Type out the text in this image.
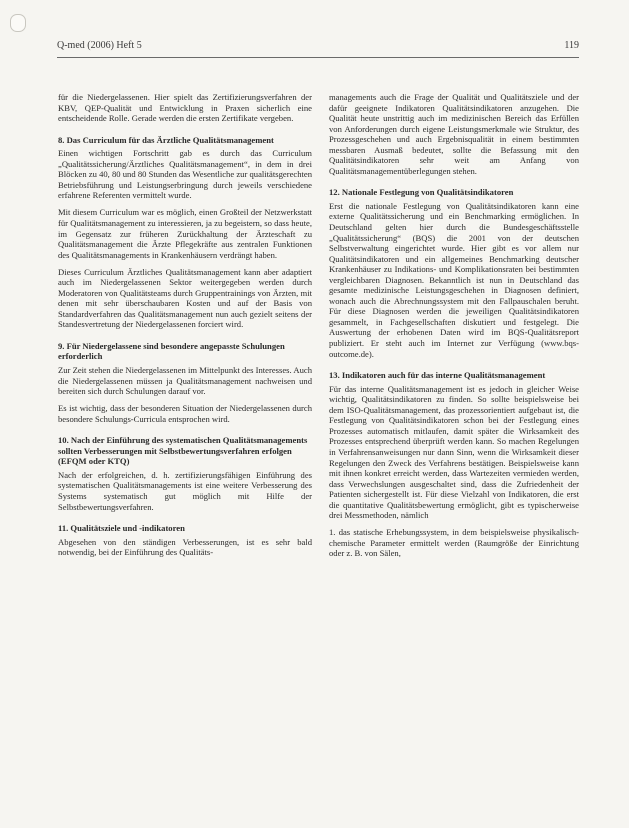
Q-med (2006) Heft 5	119

für die Niedergelassenen. Hier spielt das Zertifizierungsverfahren der KBV, QEP-Qualität und Entwicklung in Praxen sicherlich eine entscheidende Rolle. Gerade werden die ersten Zertifikate vergeben.

8. Das Curriculum für das Ärztliche Qualitätsmanagement

Einen wichtigen Fortschritt gab es durch das Curriculum „Qualitätssicherung/Ärztliches Qualitätsmanagement“, in dem in drei Blöcken zu 40, 80 und 80 Stunden das Wesentliche zur qualitätsgerechten Betriebsführung und Leistungserbringung durch jeweils verschiedene erfahrene Referenten vermittelt wurde.

Mit diesem Curriculum war es möglich, einen Großteil der Netzwerkstatt für Qualitätsmanagement zu interessieren, ja zu begeistern, so dass heute, im Gegensatz zur früheren Zurückhaltung der Ärzteschaft zu Qualitätsmanagement die Ärzte Pflegekräfte aus zentralen Funktionen des Qualitätsmanagements in Krankenhäusern verdrängt haben.

Dieses Curriculum Ärztliches Qualitätsmanagement kann aber adaptiert auch im Niedergelassenen Sektor weitergegeben werden durch Moderatoren von Qualitätsteams durch Gruppentrainings von Ärzten, mit denen mit sehr überschaubaren Kosten und auf der Basis von Standardverfahren das Qualitätsmanagement nun auch gezielt seitens der Standesvertretung der Niedergelassenen forciert wird.

9. Für Niedergelassene sind besondere angepasste Schulungen erforderlich

Zur Zeit stehen die Niedergelassenen im Mittelpunkt des Interesses. Auch die Niedergelassenen müssen ja Qualitätsmanagement nachweisen und bereiten sich durch Schulungen darauf vor.

Es ist wichtig, dass der besonderen Situation der Niedergelassenen durch besondere Schulungs-Curricula entsprochen wird.

10. Nach der Einführung des systematischen Qualitätsmanagements sollten Verbesserungen mit Selbstbewertungsverfahren erfolgen (EFQM oder KTQ)

Nach der erfolgreichen, d. h. zertifizierungsfähigen Einführung des systematischen Qualitätsmanagements ist eine weitere Verbesserung des Systems systematisch gut möglich mit Hilfe der Selbstbewertungsverfahren.

11. Qualitätsziele und -indikatoren

Abgesehen von den ständigen Verbesserungen, ist es sehr bald notwendig, bei der Einführung des Qualitäts-

managements auch die Frage der Qualität und Qualitätsziele und der dafür geeignete Indikatoren Qualitätsindikatoren anzugehen. Die Qualität heute unstrittig auch im medizinischen Bereich das Erfüllen von Anforderungen durch eigene Leistungsmerkmale wie Struktur, des Prozessgeschehen und auch Ergebnisqualität in einem bestimmten messbaren Ausmaß bedeutet, sollte die Befassung mit den Qualitätsindikatoren sehr weit am Anfang von Qualitätsmanagementüberlegungen stehen.

12. Nationale Festlegung von Qualitätsindikatoren

Erst die nationale Festlegung von Qualitätsindikatoren kann eine externe Qualitätssicherung und ein Benchmarking ermöglichen. In Deutschland gelten hier durch die Bundesgeschäftsstelle „Qualitätssicherung“ (BQS) die 2001 von der deutschen Selbstverwaltung eingerichtet wurde. Hier gibt es vor allem nur Qualitätsindikatoren und ein allgemeines Benchmarking deutscher Krankenhäuser zu Indikations- und Komplikationsraten bei bestimmten vergleichbaren Diagnosen. Bekanntlich ist nun in Deutschland das gesamte medizinische Leistungsgeschehen in Diagnosen definiert, wonach auch die Abrechnungssystem mit den Fallpauschalen beruht. Für diese Diagnosen werden die jeweiligen Qualitätsindikatoren gesammelt, in Fachgesellschaften diskutiert und festgelegt. Die Auswertung der erhobenen Daten wird im BQS-Qualitätsreport publiziert. Er steht auch im Internet zur Verfügung (www.bqs-outcome.de).

13. Indikatoren auch für das interne Qualitätsmanagement

Für das interne Qualitätsmanagement ist es jedoch in gleicher Weise wichtig, Qualitätsindikatoren zu finden. So sollte beispielsweise bei dem ISO-Qualitätsmanagement, das prozessorientiert aufgebaut ist, die Festlegung von Qualitätsindikatoren schon bei der Festlegung eines Prozesses automatisch mitlaufen, damit später die Wirksamkeit des Prozesses entsprechend überprüft werden kann. So machen Regelungen in Verfahrensanweisungen nur dann Sinn, wenn die Wirksamkeit dieser Regelungen den Zweck des Verfahrens bestätigen. Beispielsweise kann mit ihnen konkret erreicht werden, dass Wartezeiten vermieden werden, dass Verwechslungen ausgeschaltet sind, dass die Zufriedenheit der Patienten sichergestellt ist. Für diese Vielzahl von Indikatoren, die erst die quantitative Qualitätsbewertung ermöglicht, gibt es typischerweise drei Messmethoden, nämlich

1. das statische Erhebungssystem, in dem beispielsweise physikalisch-chemische Parameter ermittelt werden (Raumgröße der Einrichtung oder z. B. von Sälen,
